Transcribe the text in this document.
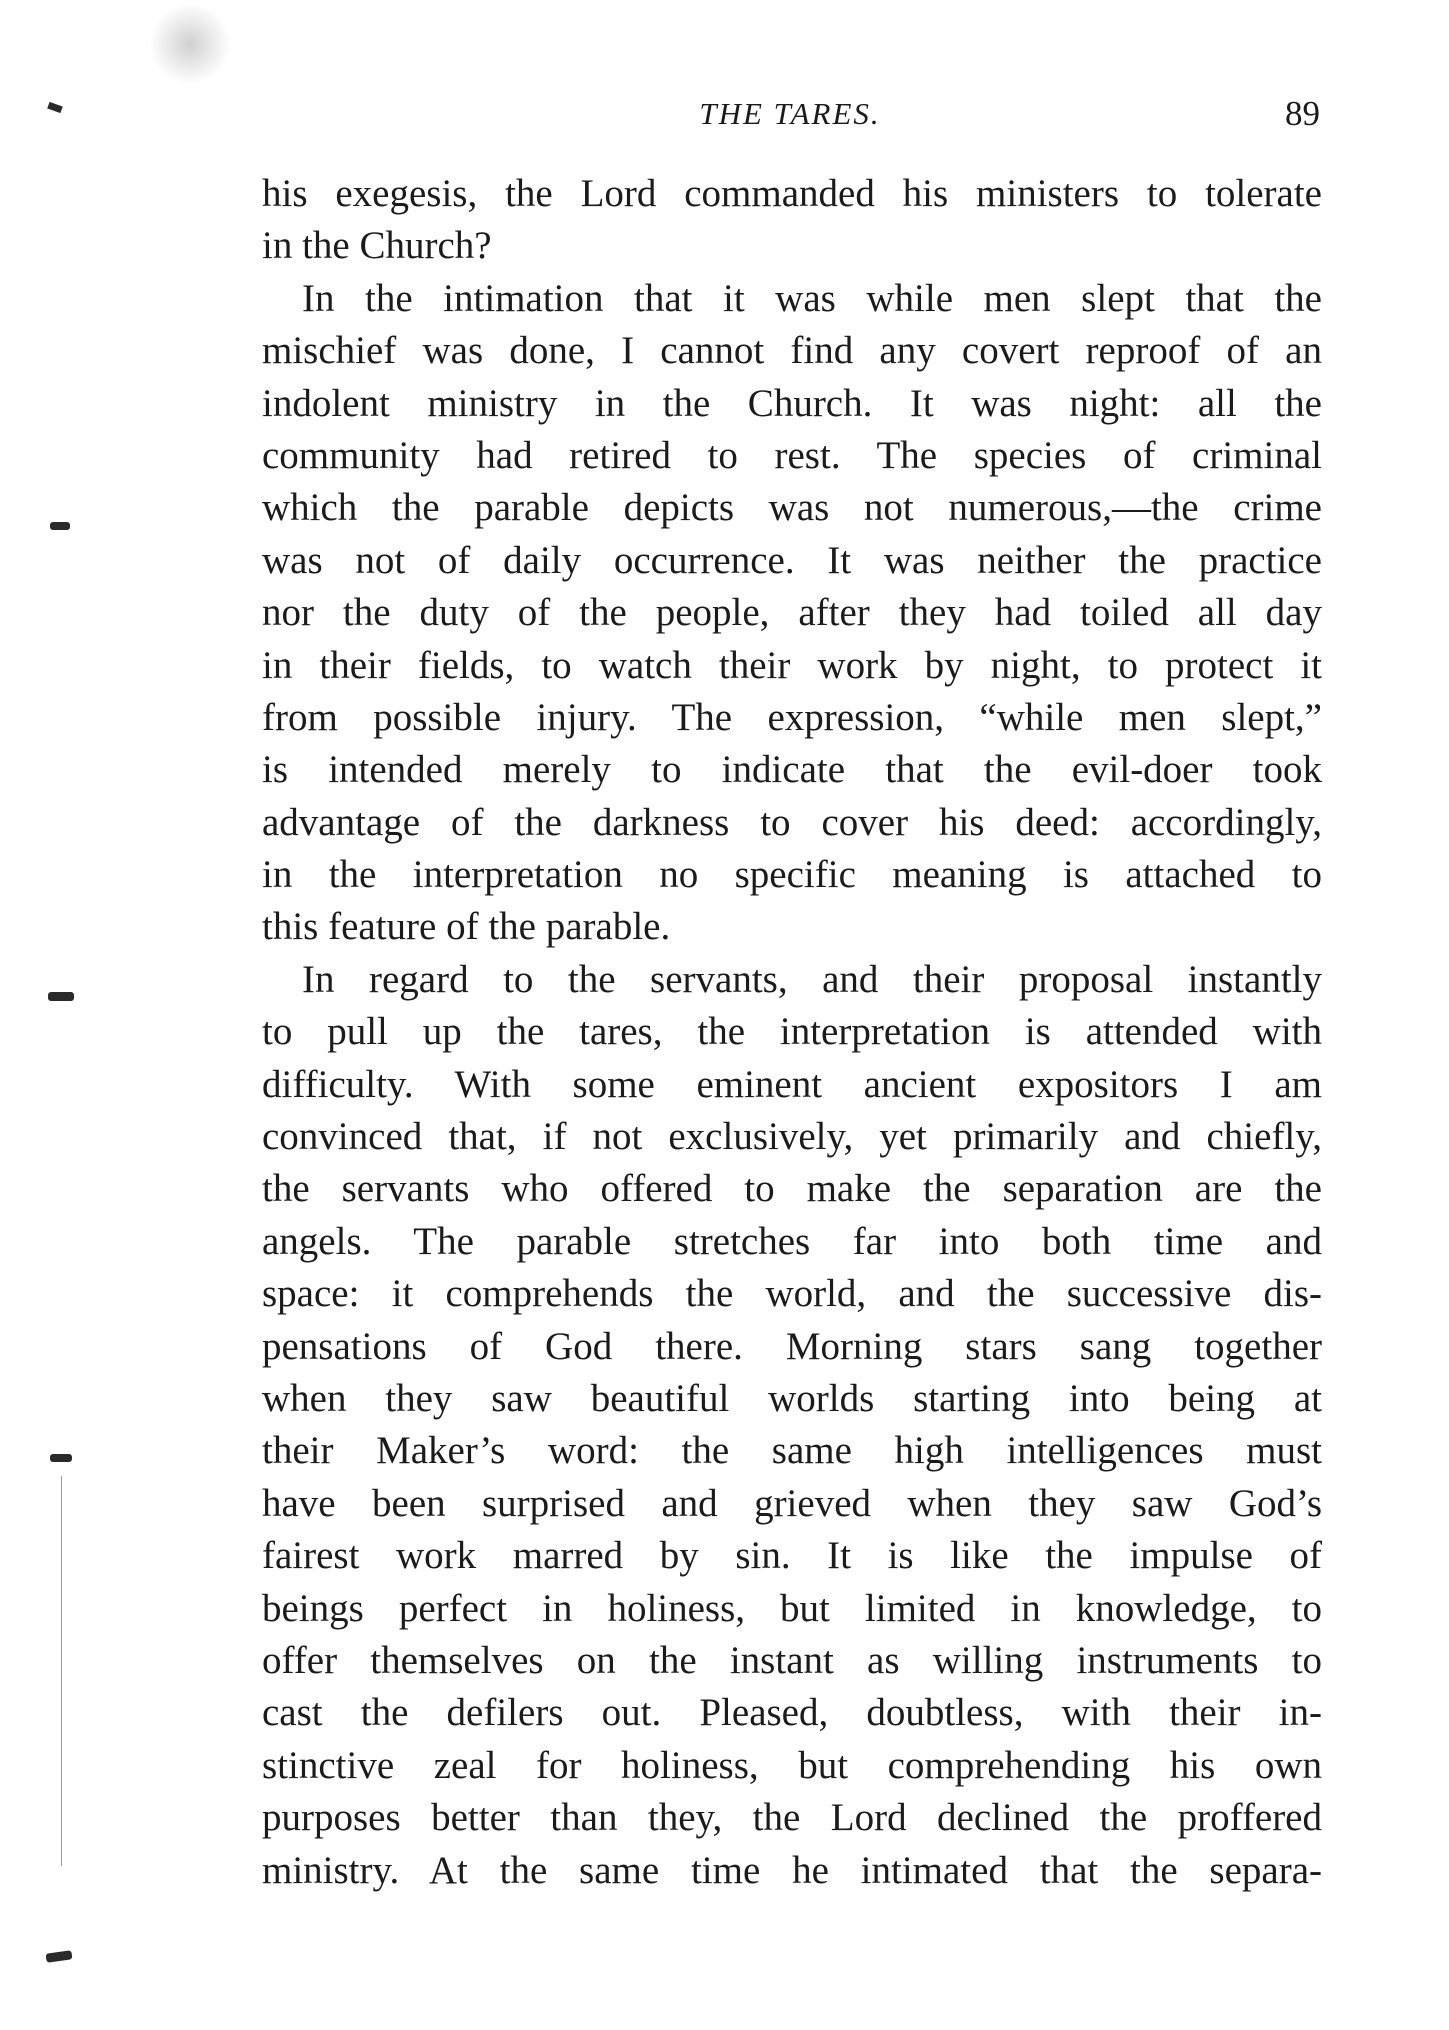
THE TARES.	89
his exegesis, the Lord commanded his ministers to tolerate
in the Church?
In the intimation that it was while men slept that the
mischief was done, I cannot find any covert reproof of an
indolent ministry in the Church. It was night: all the
community had retired to rest. The species of criminal
which the parable depicts was not numerous,—the crime
was not of daily occurrence. It was neither the practice
nor the duty of the people, after they had toiled all day
in their fields, to watch their work by night, to protect it
from possible injury. The expression, “while men slept,”
is intended merely to indicate that the evil-doer took
advantage of the darkness to cover his deed: accordingly,
in the interpretation no specific meaning is attached to
this feature of the parable.
In regard to the servants, and their proposal instantly
to pull up the tares, the interpretation is attended with
difficulty. With some eminent ancient expositors I am
convinced that, if not exclusively, yet primarily and chiefly,
the servants who offered to make the separation are the
angels. The parable stretches far into both time and
space: it comprehends the world, and the successive dis-
pensations of God there. Morning stars sang together
when they saw beautiful worlds starting into being at
their Maker’s word: the same high intelligences must
have been surprised and grieved when they saw God’s
fairest work marred by sin. It is like the impulse of
beings perfect in holiness, but limited in knowledge, to
offer themselves on the instant as willing instruments to
cast the defilers out. Pleased, doubtless, with their in-
stinctive zeal for holiness, but comprehending his own
purposes better than they, the Lord declined the proffered
ministry. At the same time he intimated that the separa-
